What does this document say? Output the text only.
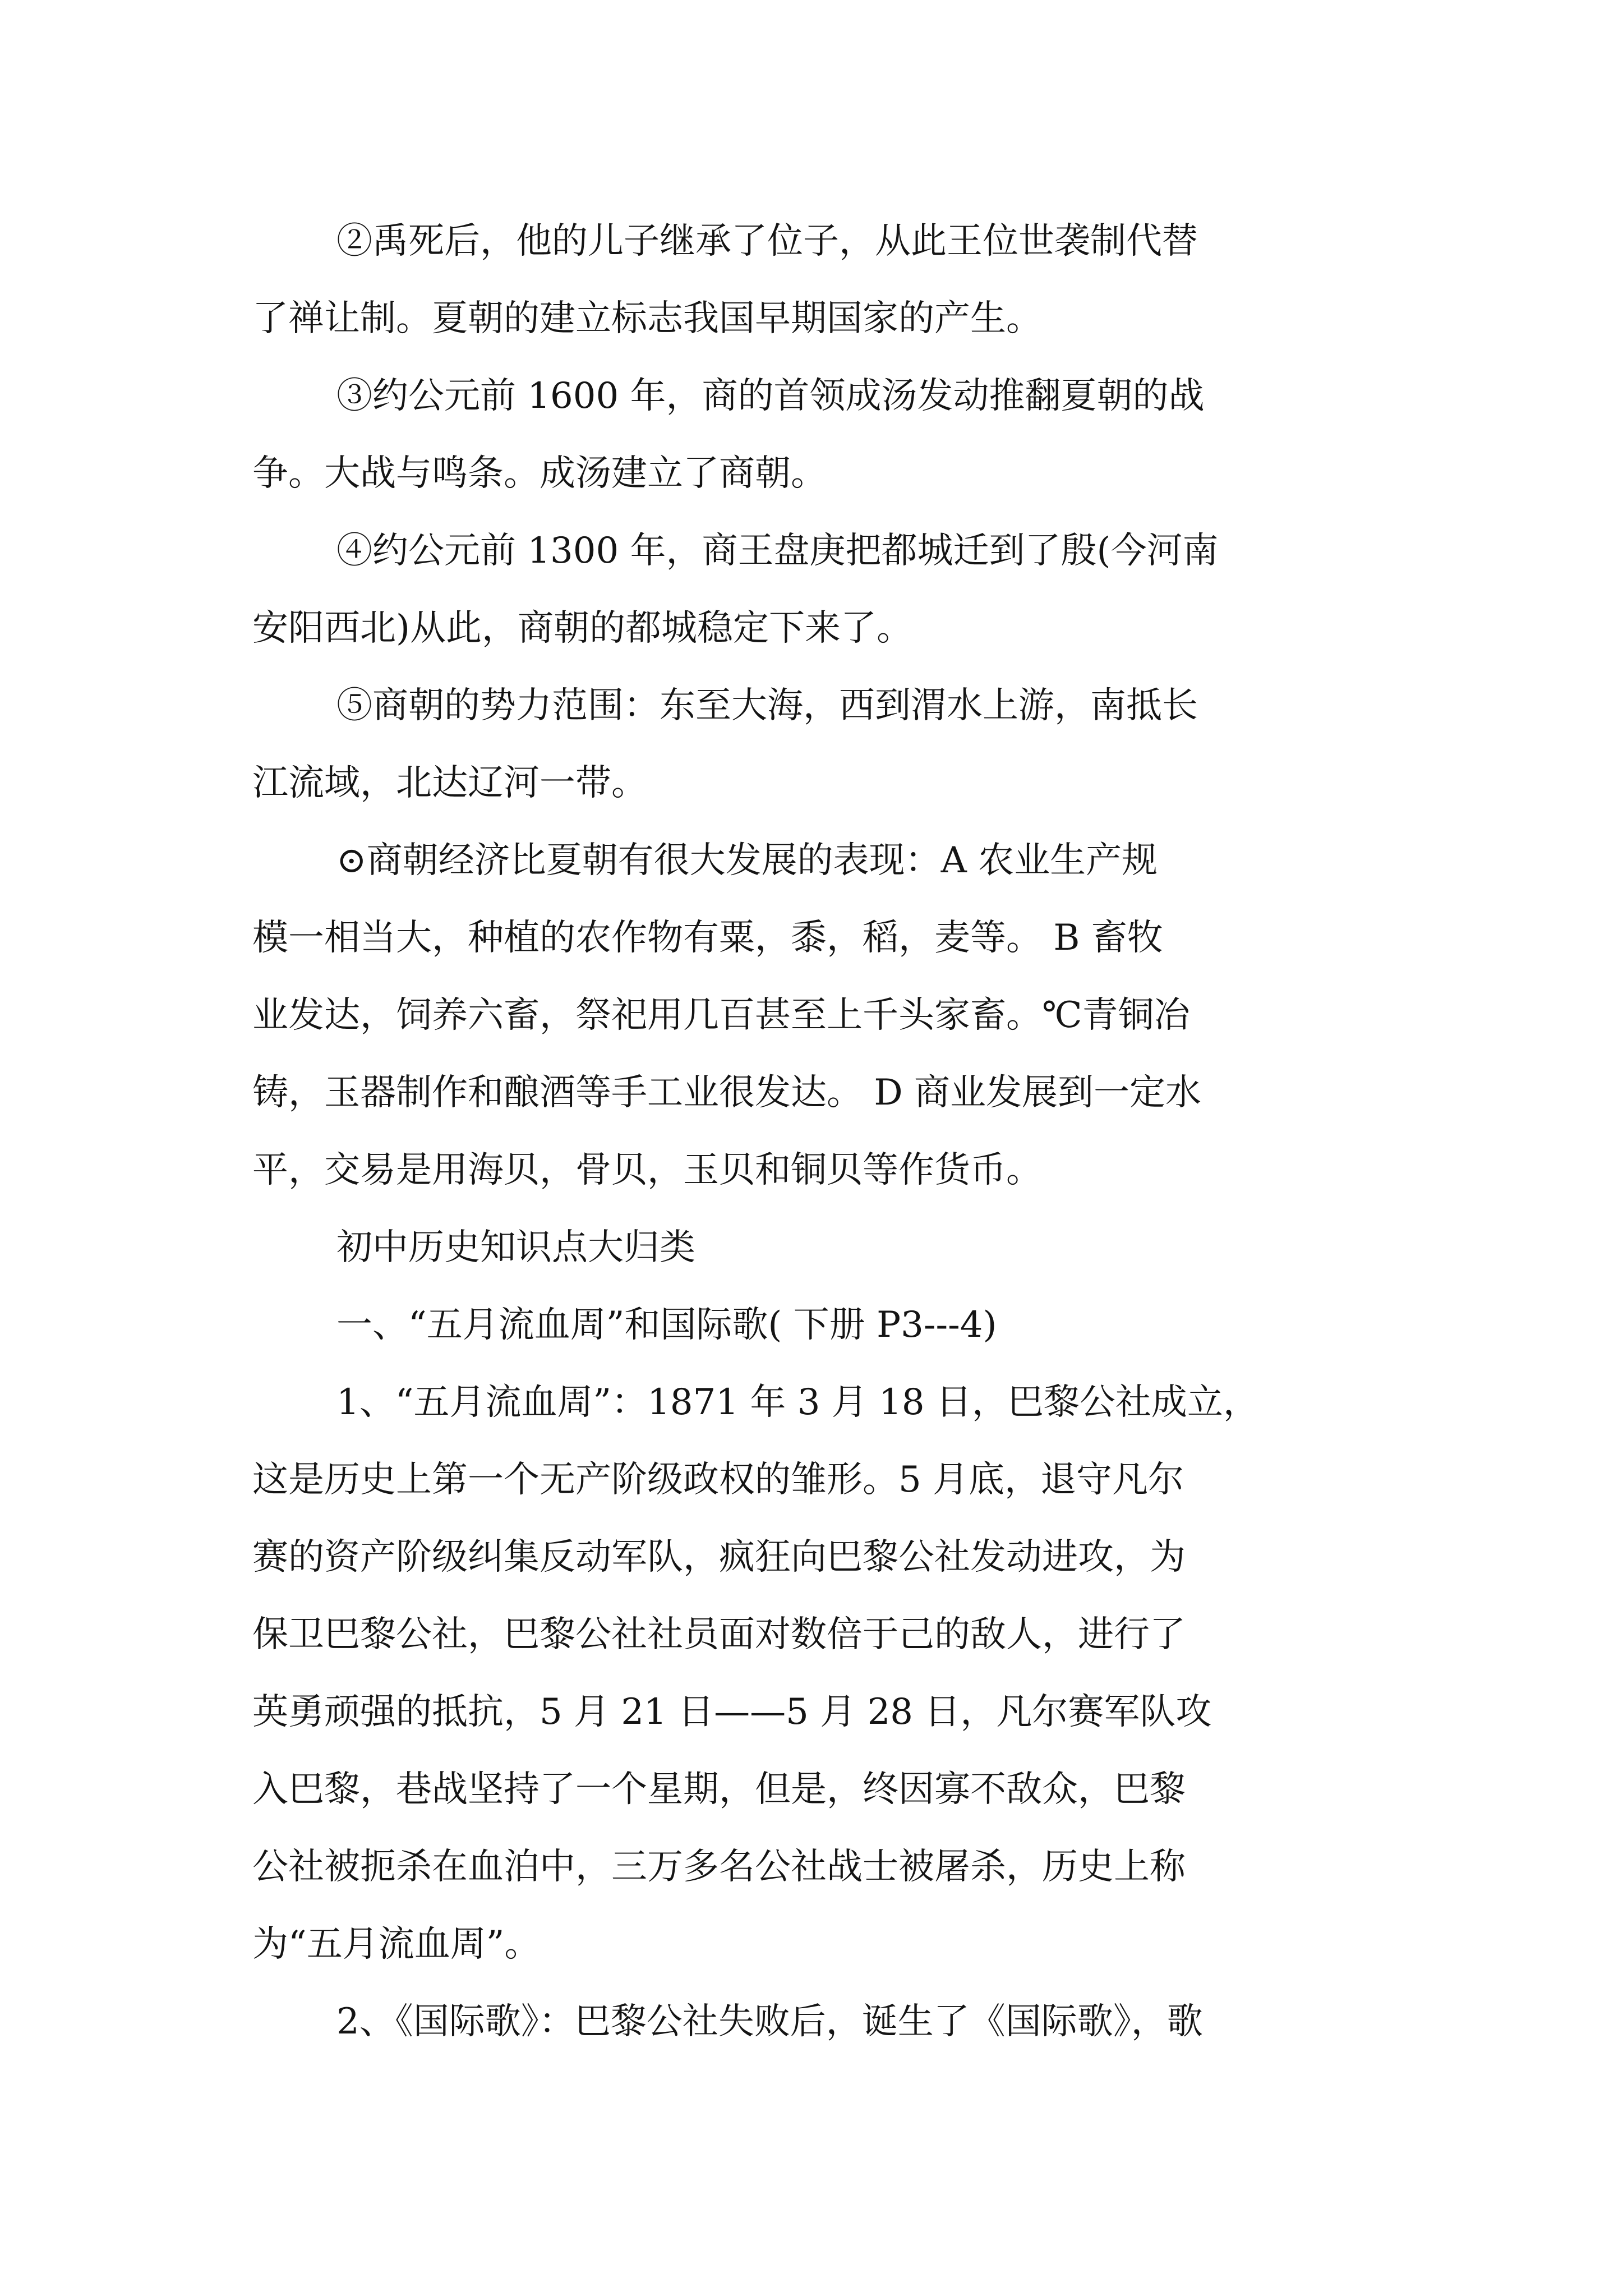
②禹死后，他的儿子继承了位子，从此王位世袭制代替
了禅让制。夏朝的建立标志我国早期国家的产生。
③约公元前 1600 年，商的首领成汤发动推翻夏朝的战
争。大战与鸣条。成汤建立了商朝。
④约公元前 1300 年，商王盘庚把都城迁到了殷(今河南
安阳西北)从此，商朝的都城稳定下来了。
⑤商朝的势力范围：东至大海，西到渭水上游，南抵长
江流域，北达辽河一带。
⊙商朝经济比夏朝有很大发展的表现：A 农业生产规
模一相当大，种植的农作物有粟，黍，稻，麦等。 B 畜牧
业发达，饲养六畜，祭祀用几百甚至上千头家畜。℃青铜冶
铸，玉器制作和酿酒等手工业很发达。 D 商业发展到一定水
平，交易是用海贝，骨贝，玉贝和铜贝等作货币。
初中历史知识点大归类
一、“五月流血周”和国际歌( 下册 P3---4)
1、“五月流血周”：1871 年 3 月 18 日，巴黎公社成立，
这是历史上第一个无产阶级政权的雏形。5 月底，退守凡尔
赛的资产阶级纠集反动军队，疯狂向巴黎公社发动进攻，为
保卫巴黎公社，巴黎公社社员面对数倍于己的敌人，进行了
英勇顽强的抵抗，5 月 21 日——5 月 28 日，凡尔赛军队攻
入巴黎，巷战坚持了一个星期，但是，终因寡不敌众，巴黎
公社被扼杀在血泊中，三万多名公社战士被屠杀，历史上称
为“五月流血周”。
2、《国际歌》：巴黎公社失败后，诞生了《国际歌》，歌
